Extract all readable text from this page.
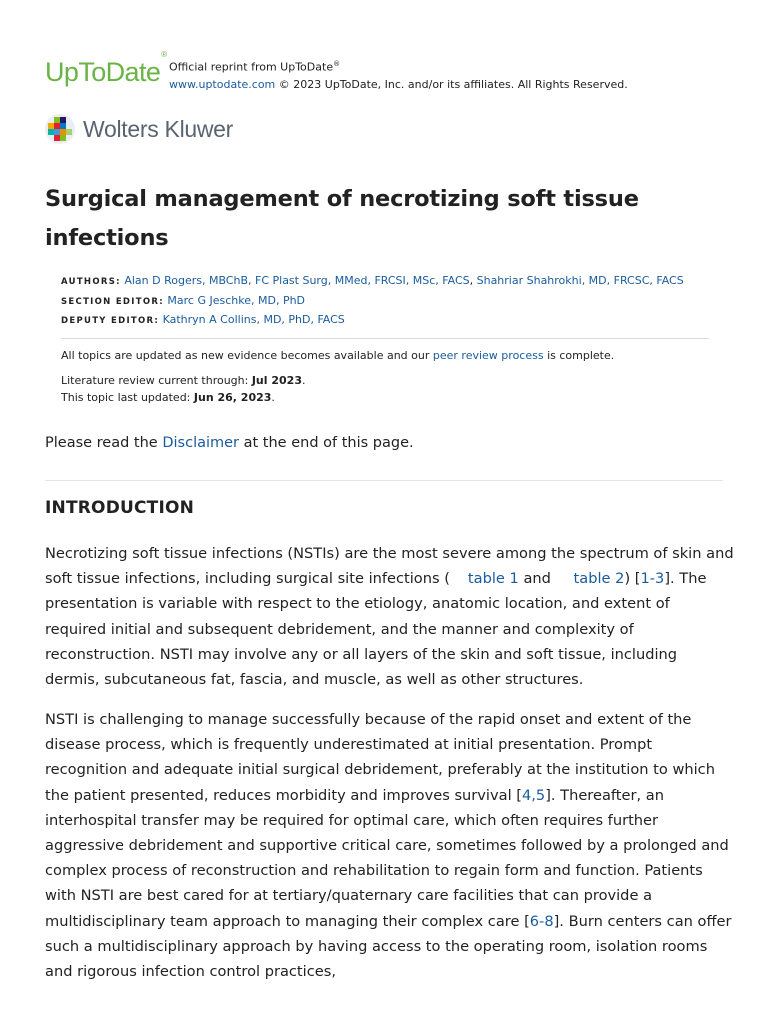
UpToDate®
Official reprint from UpToDate®
www.uptodate.com © 2023 UpToDate, Inc. and/or its affiliates. All Rights Reserved.
Wolters Kluwer
Surgical management of necrotizing soft tissue infections
AUTHORS: Alan D Rogers, MBChB, FC Plast Surg, MMed, FRCSI, MSc, FACS, Shahriar Shahrokhi, MD, FRCSC, FACS
SECTION EDITOR: Marc G Jeschke, MD, PhD
DEPUTY EDITOR: Kathryn A Collins, MD, PhD, FACS
All topics are updated as new evidence becomes available and our peer review process is complete.
Literature review current through: Jul 2023.
This topic last updated: Jun 26, 2023.
Please read the Disclaimer at the end of this page.
INTRODUCTION

Necrotizing soft tissue infections (NSTIs) are the most severe among the spectrum of skin and soft tissue infections, including surgical site infections ( table 1 and table 2) [1-3]. The presentation is variable with respect to the etiology, anatomic location, and extent of required initial and subsequent debridement, and the manner and complexity of reconstruction. NSTI may involve any or all layers of the skin and soft tissue, including dermis, subcutaneous fat, fascia, and muscle, as well as other structures.

NSTI is challenging to manage successfully because of the rapid onset and extent of the disease process, which is frequently underestimated at initial presentation. Prompt recognition and adequate initial surgical debridement, preferably at the institution to which the patient presented, reduces morbidity and improves survival [4,5]. Thereafter, an interhospital transfer may be required for optimal care, which often requires further aggressive debridement and supportive critical care, sometimes followed by a prolonged and complex process of reconstruction and rehabilitation to regain form and function. Patients with NSTI are best cared for at tertiary/quaternary care facilities that can provide a multidisciplinary team approach to managing their complex care [6-8]. Burn centers can offer such a multidisciplinary approach by having access to the operating room, isolation rooms and rigorous infection control practices,
